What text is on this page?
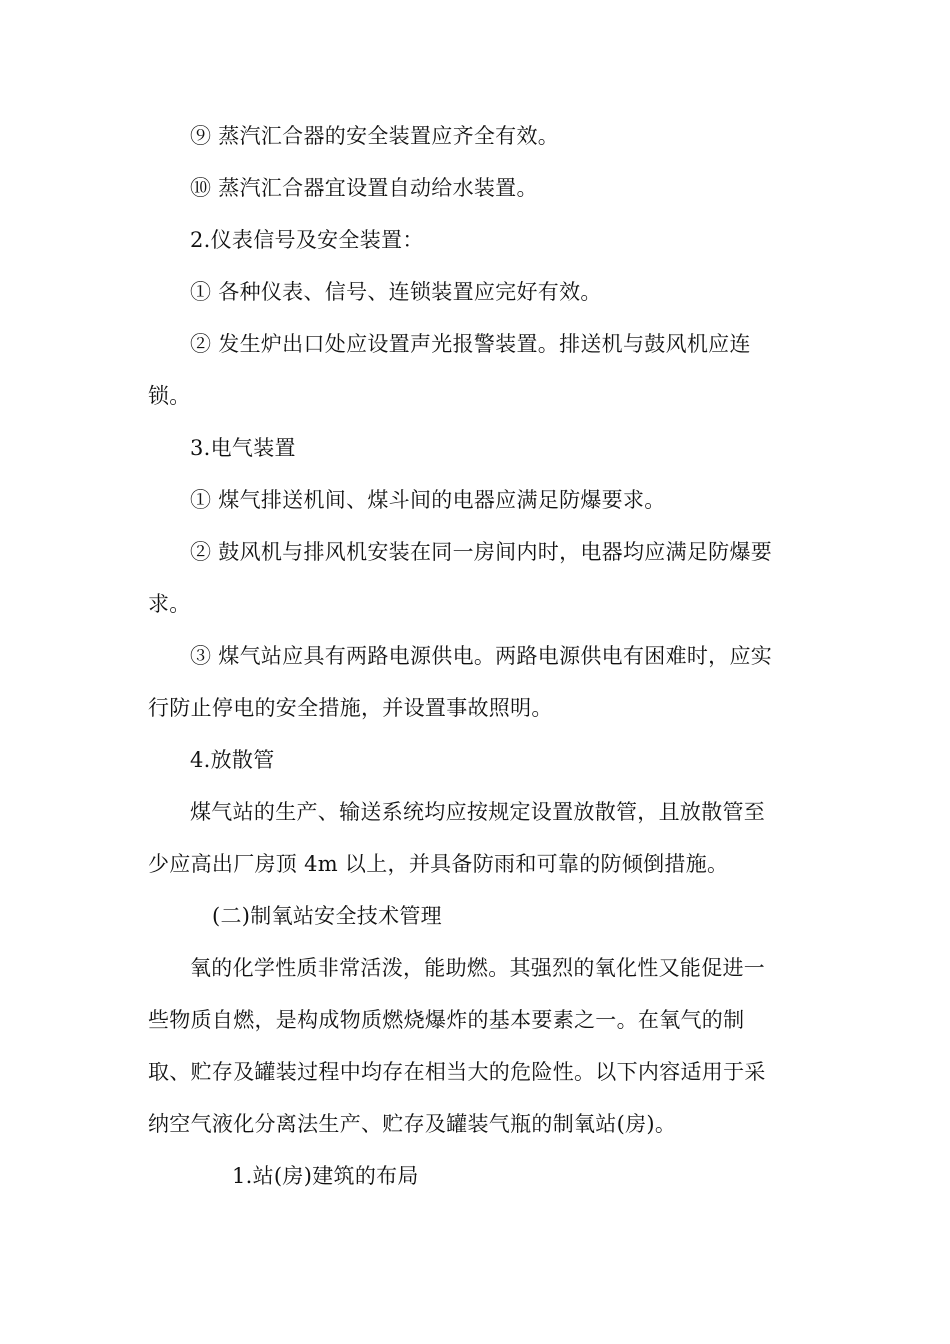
⑨ 蒸汽汇合器的安全装置应齐全有效。
⑩ 蒸汽汇合器宜设置自动给水装置。
2.仪表信号及安全装置：
① 各种仪表、信号、连锁装置应完好有效。
② 发生炉出口处应设置声光报警装置。排送机与鼓风机应连
锁。
3.电气装置
① 煤气排送机间、煤斗间的电器应满足防爆要求。
② 鼓风机与排风机安装在同一房间内时，电器均应满足防爆要
求。
③ 煤气站应具有两路电源供电。两路电源供电有困难时，应实
行防止停电的安全措施，并设置事故照明。
4.放散管
煤气站的生产、输送系统均应按规定设置放散管，且放散管至
少应高出厂房顶 4m 以上，并具备防雨和可靠的防倾倒措施。
(二)制氧站安全技术管理
氧的化学性质非常活泼，能助燃。其强烈的氧化性又能促进一
些物质自燃，是构成物质燃烧爆炸的基本要素之一。在氧气的制
取、贮存及罐装过程中均存在相当大的危险性。以下内容适用于采
纳空气液化分离法生产、贮存及罐装气瓶的制氧站(房)。
1.站(房)建筑的布局
